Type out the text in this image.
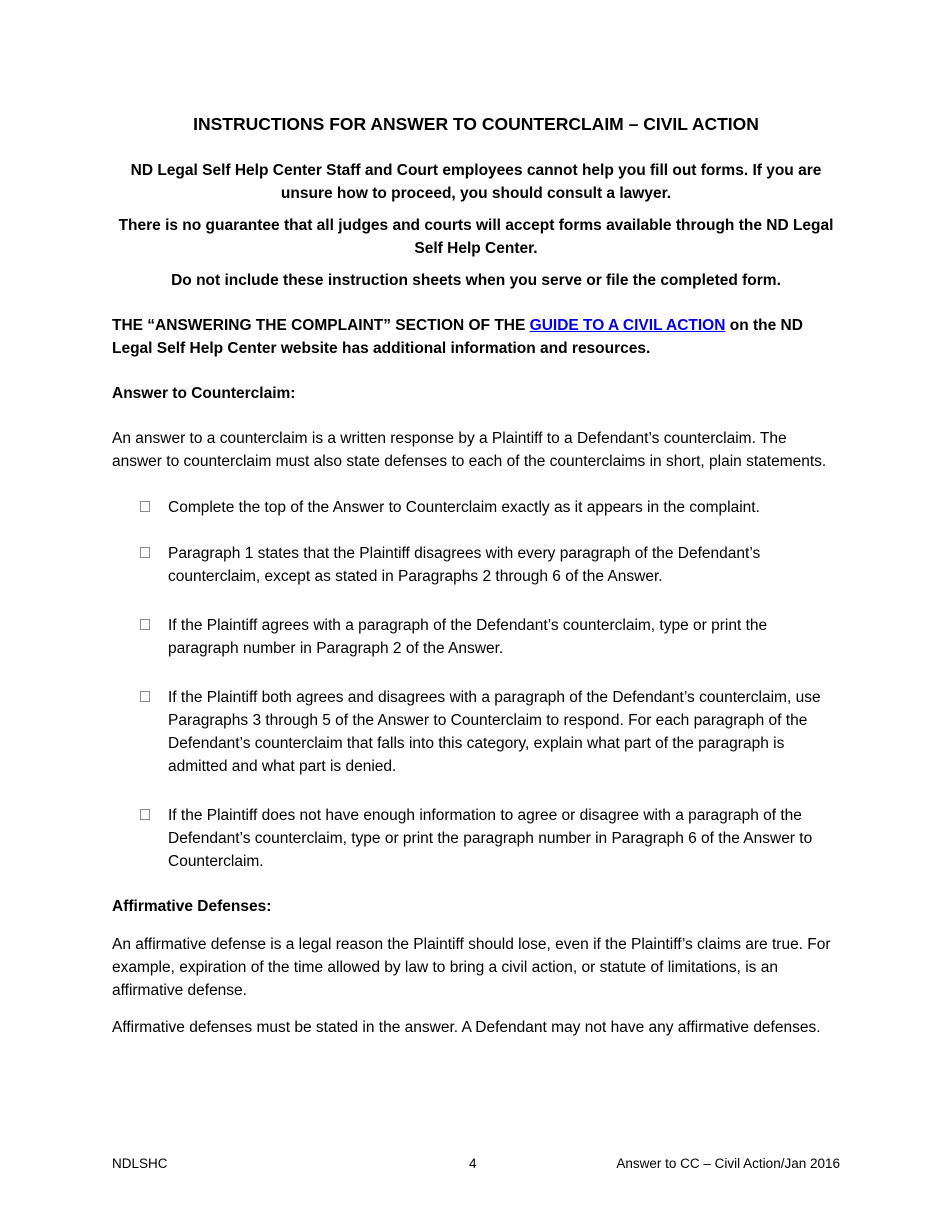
INSTRUCTIONS FOR ANSWER TO COUNTERCLAIM – CIVIL ACTION

ND Legal Self Help Center Staff and Court employees cannot help you fill out forms. If you are unsure how to proceed, you should consult a lawyer.

There is no guarantee that all judges and courts will accept forms available through the ND Legal Self Help Center.

Do not include these instruction sheets when you serve or file the completed form.

THE “ANSWERING THE COMPLAINT” SECTION OF THE GUIDE TO A CIVIL ACTION on the ND Legal Self Help Center website has additional information and resources.

Answer to Counterclaim:

An answer to a counterclaim is a written response by a Plaintiff to a Defendant’s counterclaim. The answer to counterclaim must also state defenses to each of the counterclaims in short, plain statements.

Complete the top of the Answer to Counterclaim exactly as it appears in the complaint.
Paragraph 1 states that the Plaintiff disagrees with every paragraph of the Defendant’s counterclaim, except as stated in Paragraphs 2 through 6 of the Answer.
If the Plaintiff agrees with a paragraph of the Defendant’s counterclaim, type or print the paragraph number in Paragraph 2 of the Answer.
If the Plaintiff both agrees and disagrees with a paragraph of the Defendant’s counterclaim, use Paragraphs 3 through 5 of the Answer to Counterclaim to respond. For each paragraph of the Defendant’s counterclaim that falls into this category, explain what part of the paragraph is admitted and what part is denied.
If the Plaintiff does not have enough information to agree or disagree with a paragraph of the Defendant’s counterclaim, type or print the paragraph number in Paragraph 6 of the Answer to Counterclaim.

Affirmative Defenses:

An affirmative defense is a legal reason the Plaintiff should lose, even if the Plaintiff’s claims are true. For example, expiration of the time allowed by law to bring a civil action, or statute of limitations, is an affirmative defense.

Affirmative defenses must be stated in the answer. A Defendant may not have any affirmative defenses.

NDLSHC	4	Answer to CC – Civil Action/Jan 2016
